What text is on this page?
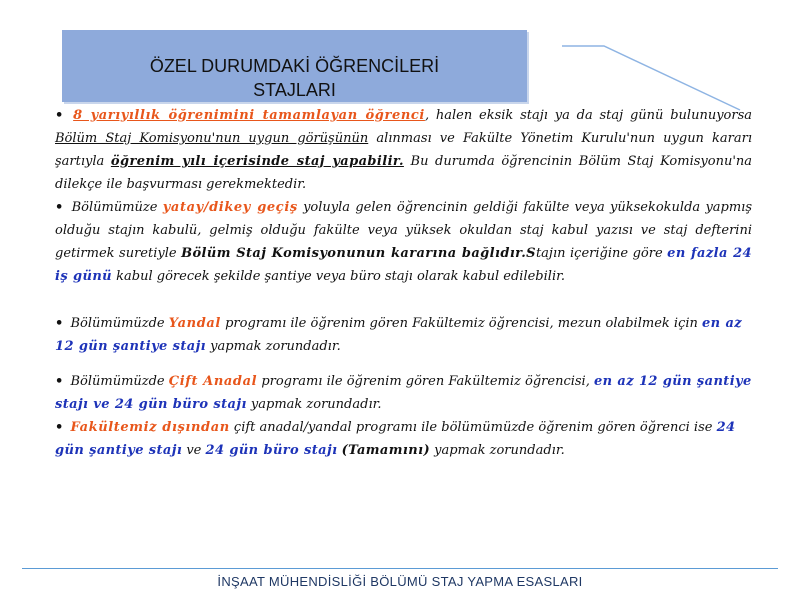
ÖZEL DURUMDAKİ ÖĞRENCİLERİ
STAJLARI

• 8 yarıyıllık öğrenimini tamamlayan öğrenci, halen eksik stajı ya da staj günü bulunuyorsa Bölüm Staj Komisyonu'nun uygun görüşünün alınması ve Fakülte Yönetim Kurulu'nun uygun kararı şartıyla öğrenim yılı içerisinde staj yapabilir. Bu durumda öğrencinin Bölüm Staj Komisyonu'na dilekçe ile başvurması gerekmektedir.

• Bölümümüze yatay/dikey geçiş yoluyla gelen öğrencinin geldiği fakülte veya yüksekokulda yapmış olduğu stajın kabulü, gelmiş olduğu fakülte veya yüksek okuldan staj kabul yazısı ve staj defterini getirmek suretiyle Bölüm Staj Komisyonunun kararına bağlıdır.Stajın içeriğine göre en fazla 24 iş günü kabul görecek şekilde şantiye veya büro stajı olarak kabul edilebilir.

• Bölümümüzde Yandal programı ile öğrenim gören Fakültemiz öğrencisi, mezun olabilmek için en az 12 gün şantiye stajı yapmak zorundadır.

• Bölümümüzde Çift Anadal programı ile öğrenim gören Fakültemiz öğrencisi, en az 12 gün şantiye stajı ve 24 gün büro stajı yapmak zorundadır.

• Fakültemiz dışından çift anadal/yandal programı ile bölümümüzde öğrenim gören öğrenci ise 24 gün şantiye stajı ve 24 gün büro stajı (Tamamını) yapmak zorundadır.

İNŞAAT MÜHENDİSLİĞİ BÖLÜMÜ STAJ YAPMA ESASLARI
